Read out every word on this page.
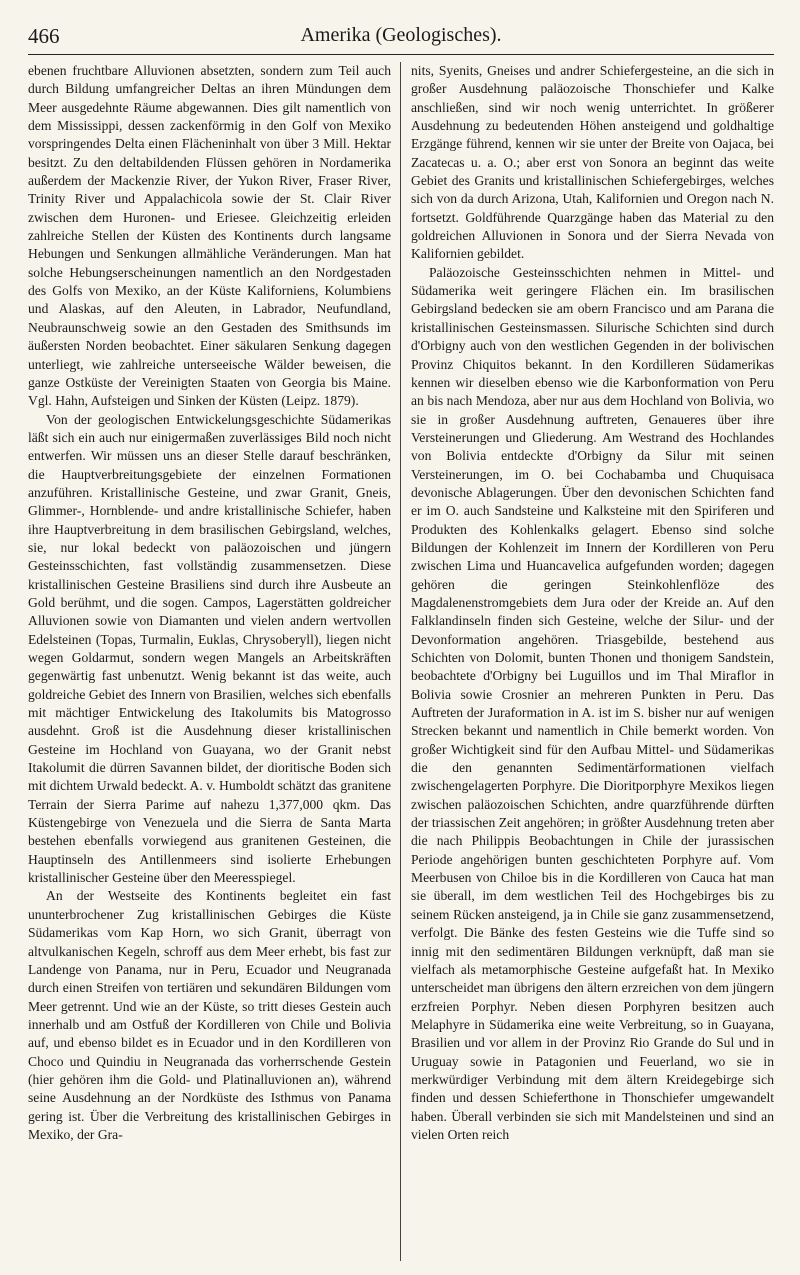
466	Amerika (Geologisches).

ebenen fruchtbare Alluvionen absetzten, sondern zum Teil auch durch Bildung umfangreicher Deltas an ihren Mündungen dem Meer ausgedehnte Räume abgewannen. Dies gilt namentlich von dem Mississippi, dessen zackenförmig in den Golf von Mexiko vorspringendes Delta einen Flächeninhalt von über 3 Mill. Hektar besitzt. Zu den deltabildenden Flüssen gehören in Nordamerika außerdem der Mackenzie River, der Yukon River, Fraser River, Trinity River und Appalachicola sowie der St. Clair River zwischen dem Huronen- und Eriesee. Gleichzeitig erleiden zahlreiche Stellen der Küsten des Kontinents durch langsame Hebungen und Senkungen allmähliche Veränderungen. Man hat solche Hebungserscheinungen namentlich an den Nordgestaden des Golfs von Mexiko, an der Küste Kaliforniens, Kolumbiens und Alaskas, auf den Aleuten, in Labrador, Neufundland, Neubraunschweig sowie an den Gestaden des Smithsunds im äußersten Norden beobachtet. Einer säkularen Senkung dagegen unterliegt, wie zahlreiche unterseeische Wälder beweisen, die ganze Ostküste der Vereinigten Staaten von Georgia bis Maine. Vgl. Hahn, Aufsteigen und Sinken der Küsten (Leipz. 1879).

Von der geologischen Entwickelungsgeschichte Südamerikas läßt sich ein auch nur einigermaßen zuverlässiges Bild noch nicht entwerfen. Wir müssen uns an dieser Stelle darauf beschränken, die Hauptverbreitungsgebiete der einzelnen Formationen anzuführen. Kristallinische Gesteine, und zwar Granit, Gneis, Glimmer-, Hornblende- und andre kristallinische Schiefer, haben ihre Hauptverbreitung in dem brasilischen Gebirgsland, welches, sie, nur lokal bedeckt von paläozoischen und jüngern Gesteinsschichten, fast vollständig zusammensetzen. Diese kristallinischen Gesteine Brasiliens sind durch ihre Ausbeute an Gold berühmt, und die sogen. Campos, Lagerstätten goldreicher Alluvionen sowie von Diamanten und vielen andern wertvollen Edelsteinen (Topas, Turmalin, Euklas, Chrysoberyll), liegen nicht wegen Goldarmut, sondern wegen Mangels an Arbeitskräften gegenwärtig fast unbenutzt. Wenig bekannt ist das weite, auch goldreiche Gebiet des Innern von Brasilien, welches sich ebenfalls mit mächtiger Entwickelung des Itakolumits bis Matogrosso ausdehnt. Groß ist die Ausdehnung dieser kristallinischen Gesteine im Hochland von Guayana, wo der Granit nebst Itakolumit die dürren Savannen bildet, der dioritische Boden sich mit dichtem Urwald bedeckt. A. v. Humboldt schätzt das granitene Terrain der Sierra Parime auf nahezu 1,377,000 qkm. Das Küstengebirge von Venezuela und die Sierra de Santa Marta bestehen ebenfalls vorwiegend aus granitenen Gesteinen, die Hauptinseln des Antillenmeers sind isolierte Erhebungen kristallinischer Gesteine über den Meeresspiegel.

An der Westseite des Kontinents begleitet ein fast ununterbrochener Zug kristallinischen Gebirges die Küste Südamerikas vom Kap Horn, wo sich Granit, überragt von altvulkanischen Kegeln, schroff aus dem Meer erhebt, bis fast zur Landenge von Panama, nur in Peru, Ecuador und Neugranada durch einen Streifen von tertiären und sekundären Bildungen vom Meer getrennt. Und wie an der Küste, so tritt dieses Gestein auch innerhalb und am Ostfuß der Kordilleren von Chile und Bolivia auf, und ebenso bildet es in Ecuador und in den Kordilleren von Choco und Quindiu in Neugranada das vorherrschende Gestein (hier gehören ihm die Gold- und Platinalluvionen an), während seine Ausdehnung an der Nordküste des Isthmus von Panama gering ist. Über die Verbreitung des kristallinischen Gebirges in Mexiko, der Gra-

nits, Syenits, Gneises und andrer Schiefergesteine, an die sich in großer Ausdehnung paläozoische Thonschiefer und Kalke anschließen, sind wir noch wenig unterrichtet. In größerer Ausdehnung zu bedeutenden Höhen ansteigend und goldhaltige Erzgänge führend, kennen wir sie unter der Breite von Oajaca, bei Zacatecas u. a. O.; aber erst von Sonora an beginnt das weite Gebiet des Granits und kristallinischen Schiefergebirges, welches sich von da durch Arizona, Utah, Kalifornien und Oregon nach N. fortsetzt. Goldführende Quarzgänge haben das Material zu den goldreichen Alluvionen in Sonora und der Sierra Nevada von Kalifornien gebildet.

Paläozoische Gesteinsschichten nehmen in Mittel- und Südamerika weit geringere Flächen ein. Im brasilischen Gebirgsland bedecken sie am obern Francisco und am Parana die kristallinischen Gesteinsmassen. Silurische Schichten sind durch d'Orbigny auch von den westlichen Gegenden in der bolivischen Provinz Chiquitos bekannt. In den Kordilleren Südamerikas kennen wir dieselben ebenso wie die Karbonformation von Peru an bis nach Mendoza, aber nur aus dem Hochland von Bolivia, wo sie in großer Ausdehnung auftreten, Genaueres über ihre Versteinerungen und Gliederung. Am Westrand des Hochlandes von Bolivia entdeckte d'Orbigny da Silur mit seinen Versteinerungen, im O. bei Cochabamba und Chuquisaca devonische Ablagerungen. Über den devonischen Schichten fand er im O. auch Sandsteine und Kalksteine mit den Spiriferen und Produkten des Kohlenkalks gelagert. Ebenso sind solche Bildungen der Kohlenzeit im Innern der Kordilleren von Peru zwischen Lima und Huancavelica aufgefunden worden; dagegen gehören die geringen Steinkohlenflöze des Magdalenenstromgebiets dem Jura oder der Kreide an. Auf den Falklandinseln finden sich Gesteine, welche der Silur- und der Devonformation angehören. Triasgebilde, bestehend aus Schichten von Dolomit, bunten Thonen und thonigem Sandstein, beobachtete d'Orbigny bei Luguillos und im Thal Miraflor in Bolivia sowie Crosnier an mehreren Punkten in Peru. Das Auftreten der Juraformation in A. ist im S. bisher nur auf wenigen Strecken bekannt und namentlich in Chile bemerkt worden. Von großer Wichtigkeit sind für den Aufbau Mittel- und Südamerikas die den genannten Sedimentärformationen vielfach zwischengelagerten Porphyre. Die Dioritporphyre Mexikos liegen zwischen paläozoischen Schichten, andre quarzführende dürften der triassischen Zeit angehören; in größter Ausdehnung treten aber die nach Philippis Beobachtungen in Chile der jurassischen Periode angehörigen bunten geschichteten Porphyre auf. Vom Meerbusen von Chiloe bis in die Kordilleren von Cauca hat man sie überall, im dem westlichen Teil des Hochgebirges bis zu seinem Rücken ansteigend, ja in Chile sie ganz zusammensetzend, verfolgt. Die Bänke des festen Gesteins wie die Tuffe sind so innig mit den sedimentären Bildungen verknüpft, daß man sie vielfach als metamorphische Gesteine aufgefaßt hat. In Mexiko unterscheidet man übrigens den ältern erzreichen von dem jüngern erzfreien Porphyr. Neben diesen Porphyren besitzen auch Melaphyre in Südamerika eine weite Verbreitung, so in Guayana, Brasilien und vor allem in der Provinz Rio Grande do Sul und in Uruguay sowie in Patagonien und Feuerland, wo sie in merkwürdiger Verbindung mit dem ältern Kreidegebirge sich finden und dessen Schieferthone in Thonschiefer umgewandelt haben. Überall verbinden sie sich mit Mandelsteinen und sind an vielen Orten reich
